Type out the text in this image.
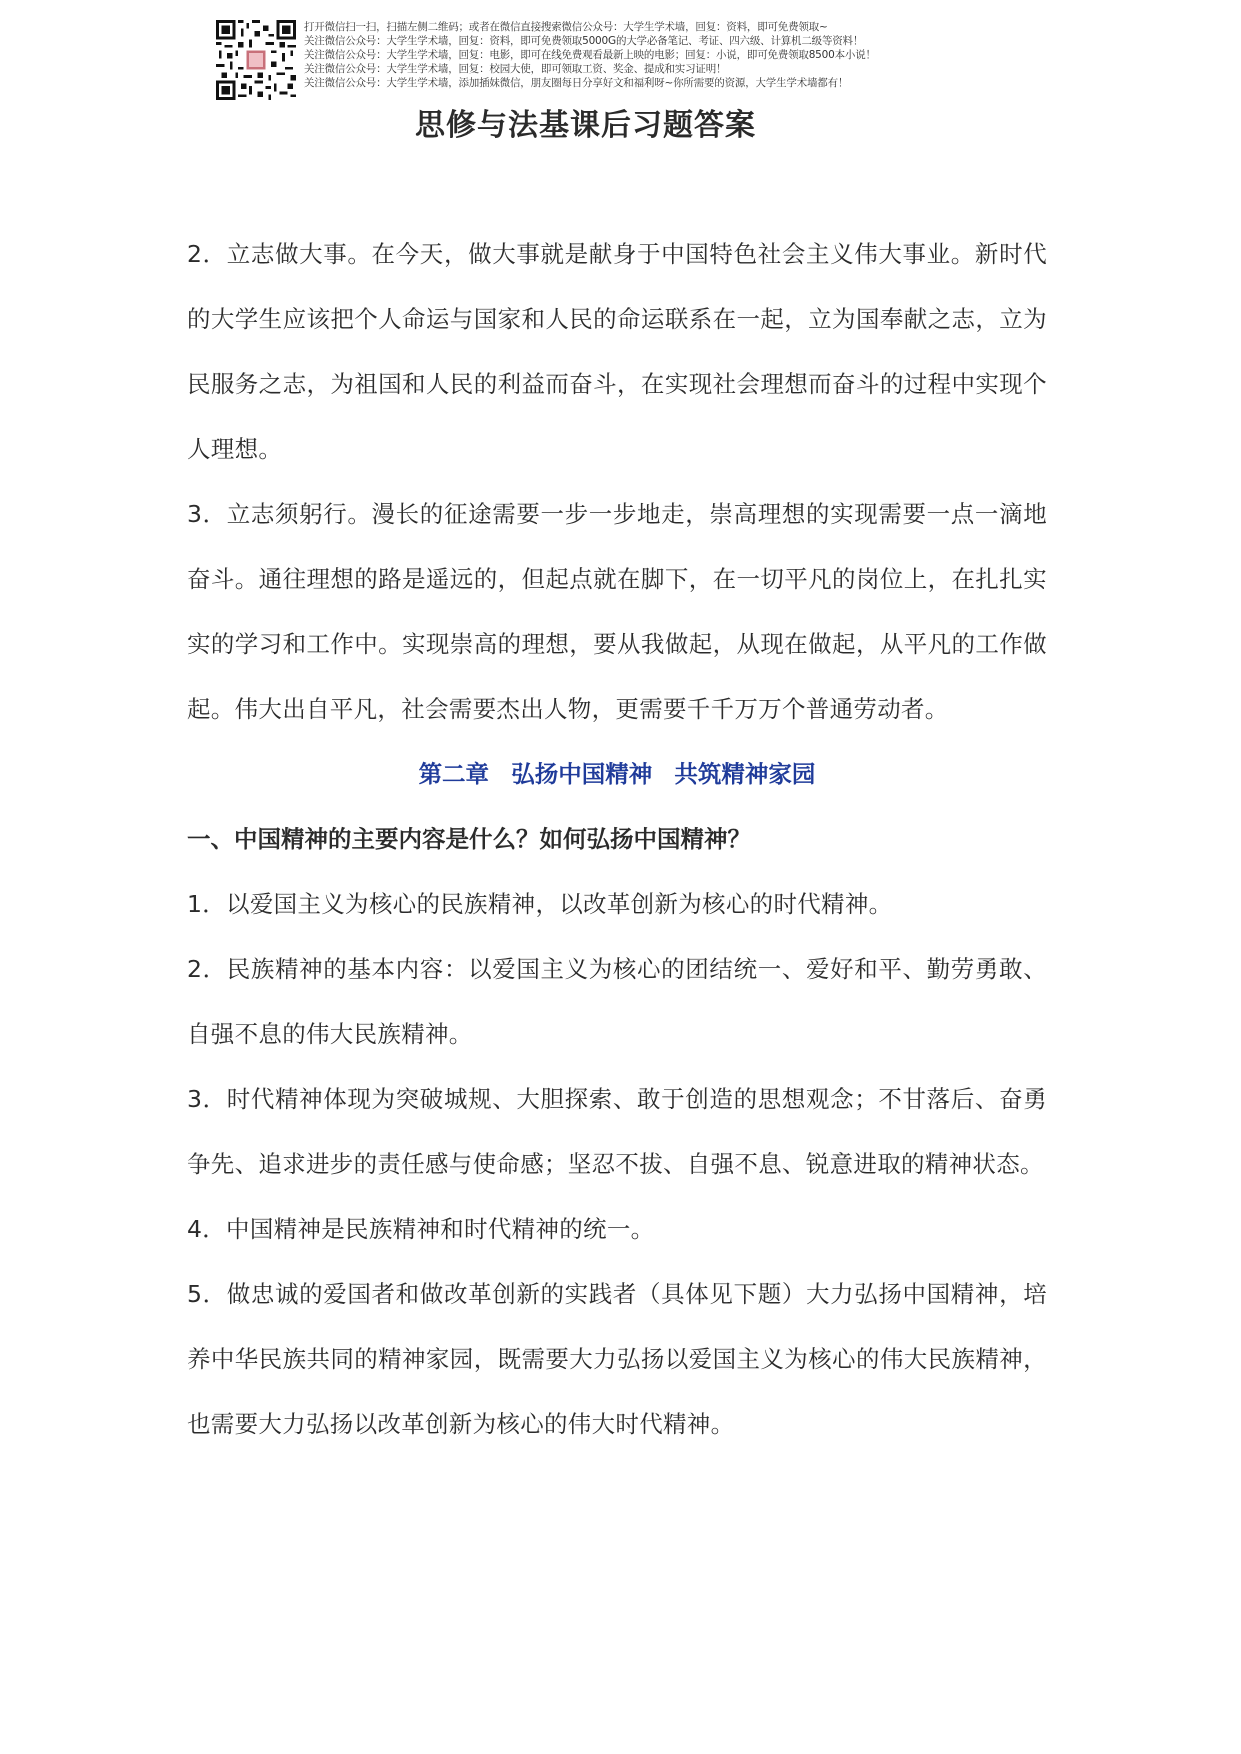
打开微信扫一扫，扫描左侧二维码；或者在微信直接搜索微信公众号：大学生学术墙，回复：资料，即可免费领取~
关注微信公众号：大学生学术墙，回复：资料，即可免费领取5000G的大学必备笔记、考证、四六级、计算机二级等资料！
关注微信公众号：大学生学术墙，回复：电影，即可在线免费观看最新上映的电影；回复：小说，即可免费领取8500本小说！
关注微信公众号：大学生学术墙，回复：校园大使，即可领取工资、奖金、提成和实习证明！
关注微信公众号：大学生学术墙，添加插妹微信，朋友圈每日分享好文和福利呀~你所需要的资源，大学生学术墙都有！
思修与法基课后习题答案

2．立志做大事。在今天，做大事就是献身于中国特色社会主义伟大事业。新时代的大学生应该把个人命运与国家和人民的命运联系在一起，立为国奉献之志，立为民服务之志，为祖国和人民的利益而奋斗，在实现社会理想而奋斗的过程中实现个人理想。

3．立志须躬行。漫长的征途需要一步一步地走，崇高理想的实现需要一点一滴地奋斗。通往理想的路是遥远的，但起点就在脚下，在一切平凡的岗位上，在扎扎实实的学习和工作中。实现崇高的理想，要从我做起，从现在做起，从平凡的工作做起。伟大出自平凡，社会需要杰出人物，更需要千千万万个普通劳动者。

第二章 弘扬中国精神 共筑精神家园

一、中国精神的主要内容是什么？如何弘扬中国精神？

1．以爱国主义为核心的民族精神，以改革创新为核心的时代精神。

2．民族精神的基本内容：以爱国主义为核心的团结统一、爱好和平、勤劳勇敢、自强不息的伟大民族精神。

3．时代精神体现为突破城规、大胆探索、敢于创造的思想观念；不甘落后、奋勇争先、追求进步的责任感与使命感；坚忍不拔、自强不息、锐意进取的精神状态。

4．中国精神是民族精神和时代精神的统一。

5．做忠诚的爱国者和做改革创新的实践者（具体见下题）大力弘扬中国精神，培养中华民族共同的精神家园，既需要大力弘扬以爱国主义为核心的伟大民族精神，也需要大力弘扬以改革创新为核心的伟大时代精神。
